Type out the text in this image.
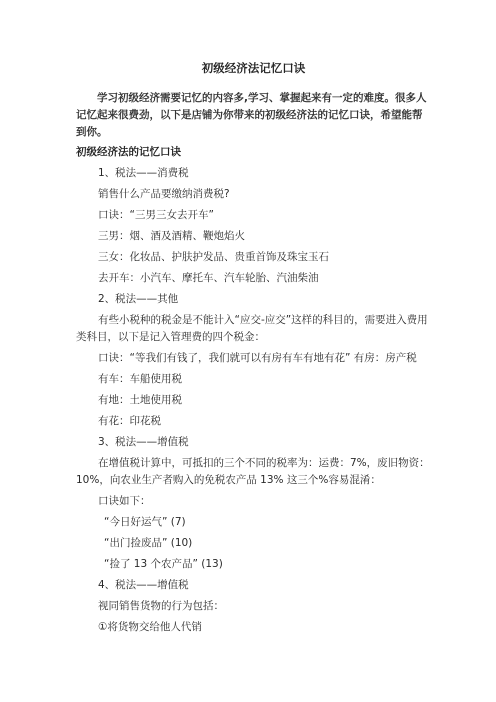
初级经济法记忆口诀

学习初级经济需要记忆的内容多,学习、掌握起来有一定的难度。很多人记忆起来很费劲，以下是店铺为你带来的初级经济法的记忆口诀，希望能帮到你。

初级经济法的记忆口诀
1、税法——消费税
销售什么产品要缴纳消费税?
口诀：“三男三女去开车”
三男：烟、酒及酒精、鞭炮焰火
三女：化妆品、护肤护发品、贵重首饰及珠宝玉石
去开车：小汽车、摩托车、汽车轮胎、汽油柴油
2、税法——其他

有些小税种的税金是不能计入“应交-应交”这样的科目的，需要进入费用类科目，以下是记入管理费的四个税金：

口诀：“等我们有钱了，我们就可以有房有车有地有花” 有房：房产税

有车：车船使用税
有地：土地使用税
有花：印花税
3、税法——增值税

在增值税计算中，可抵扣的三个不同的税率为：运费：7%，废旧物资：10%，向农业生产者购入的免税农产品 13% 这三个%容易混淆：

口诀如下：
“今日好运气” (7)
“出门捡废品” (10)
“捡了 13 个农产品” (13)
4、税法——增值税
视同销售货物的行为包括：
①将货物交给他人代销
